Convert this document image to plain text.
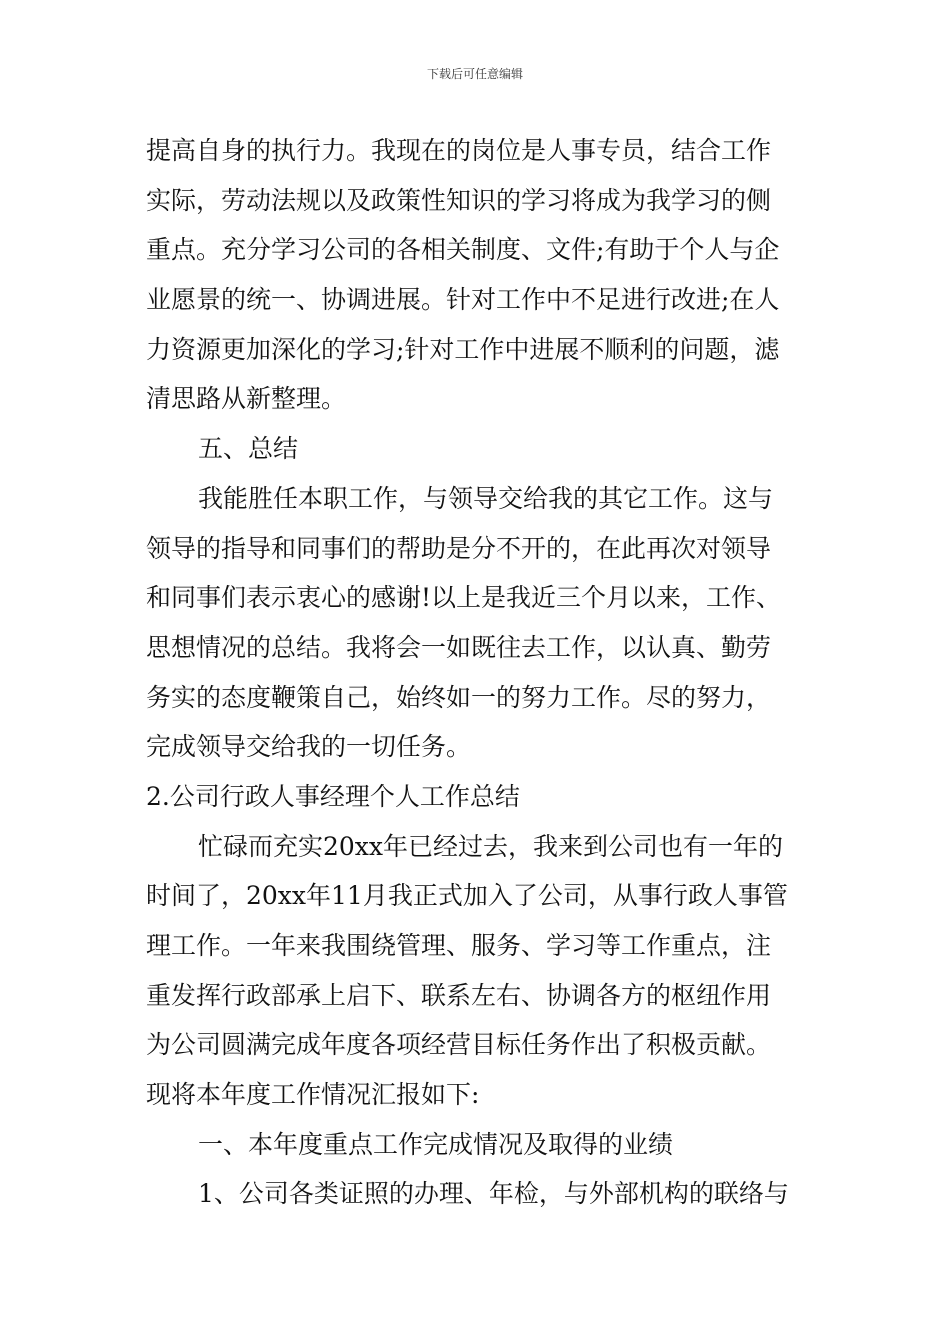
下载后可任意编辑
提高自身的执行力。我现在的岗位是人事专员，结合工作
实际，劳动法规以及政策性知识的学习将成为我学习的侧
重点。充分学习公司的各相关制度、文件;有助于个人与企
业愿景的统一、协调进展。针对工作中不足进行改进;在人
力资源更加深化的学习;针对工作中进展不顺利的问题，滤
清思路从新整理。
五、总结
我能胜任本职工作，与领导交给我的其它工作。这与
领导的指导和同事们的帮助是分不开的，在此再次对领导
和同事们表示衷心的感谢!以上是我近三个月以来，工作、
思想情况的总结。我将会一如既往去工作，以认真、勤劳
务实的态度鞭策自己，始终如一的努力工作。尽的努力，
完成领导交给我的一切任务。
2.公司行政人事经理个人工作总结
忙碌而充实20xx年已经过去，我来到公司也有一年的
时间了，20xx年11月我正式加入了公司，从事行政人事管
理工作。一年来我围绕管理、服务、学习等工作重点，注
重发挥行政部承上启下、联系左右、协调各方的枢纽作用
为公司圆满完成年度各项经营目标任务作出了积极贡献。
现将本年度工作情况汇报如下:
一、本年度重点工作完成情况及取得的业绩
1、公司各类证照的办理、年检，与外部机构的联络与
